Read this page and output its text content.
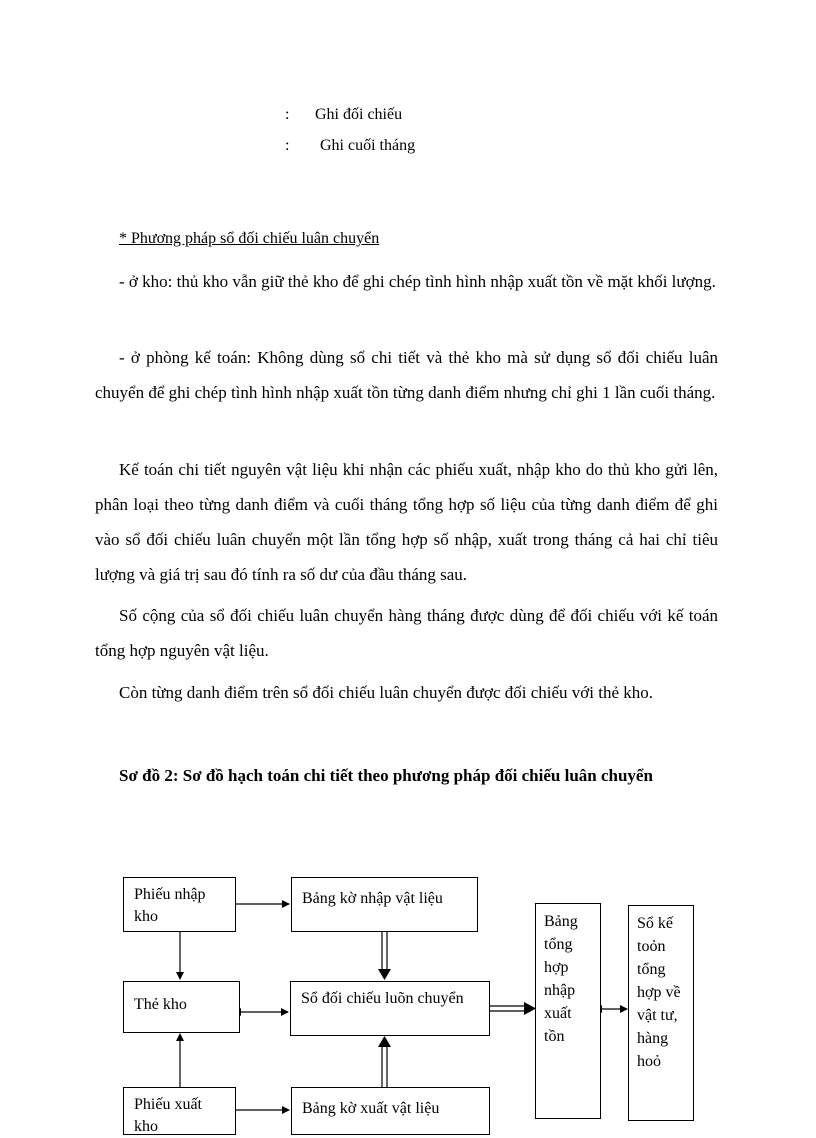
: Ghi đối chiếu
: Ghi cuối tháng
* Phương pháp sổ đối chiếu luân chuyển
- ở kho: thủ kho vẫn giữ thẻ kho để ghi chép tình hình nhập xuất tồn về mặt khối lượng.
- ở phòng kế toán: Không dùng sổ chi tiết và thẻ kho mà sử dụng sổ đối chiếu luân chuyển để ghi chép tình hình nhập xuất tồn từng danh điểm nhưng chỉ ghi 1 lần cuối tháng.
Kế toán chi tiết nguyên vật liệu khi nhận các phiếu xuất, nhập kho do thủ kho gửi lên, phân loại theo từng danh điểm và cuối tháng tổng hợp số liệu của từng danh điểm để ghi vào sổ đối chiếu luân chuyển một lần tổng hợp số nhập, xuất trong tháng cả hai chỉ tiêu lượng và giá trị sau đó tính ra số dư của đầu tháng sau.
Số cộng của sổ đối chiếu luân chuyển hàng tháng được dùng để đối chiếu với kế toán tổng hợp nguyên vật liệu.
Còn từng danh điểm trên sổ đối chiếu luân chuyển được đối chiếu với thẻ kho.
Sơ đồ 2: Sơ đồ hạch toán chi tiết theo phương pháp đối chiếu luân chuyển
Phiếu nhập kho
Bảng kờ nhập vật liệu
Thẻ kho	Sổ đối chiếu luõn chuyển
Phiếu xuất kho
Bảng kờ xuất vật liệu
Bảng tổng hợp nhập xuất tồn
Sổ kế toỏn tổng hợp về vật tư, hàng hoỏ
